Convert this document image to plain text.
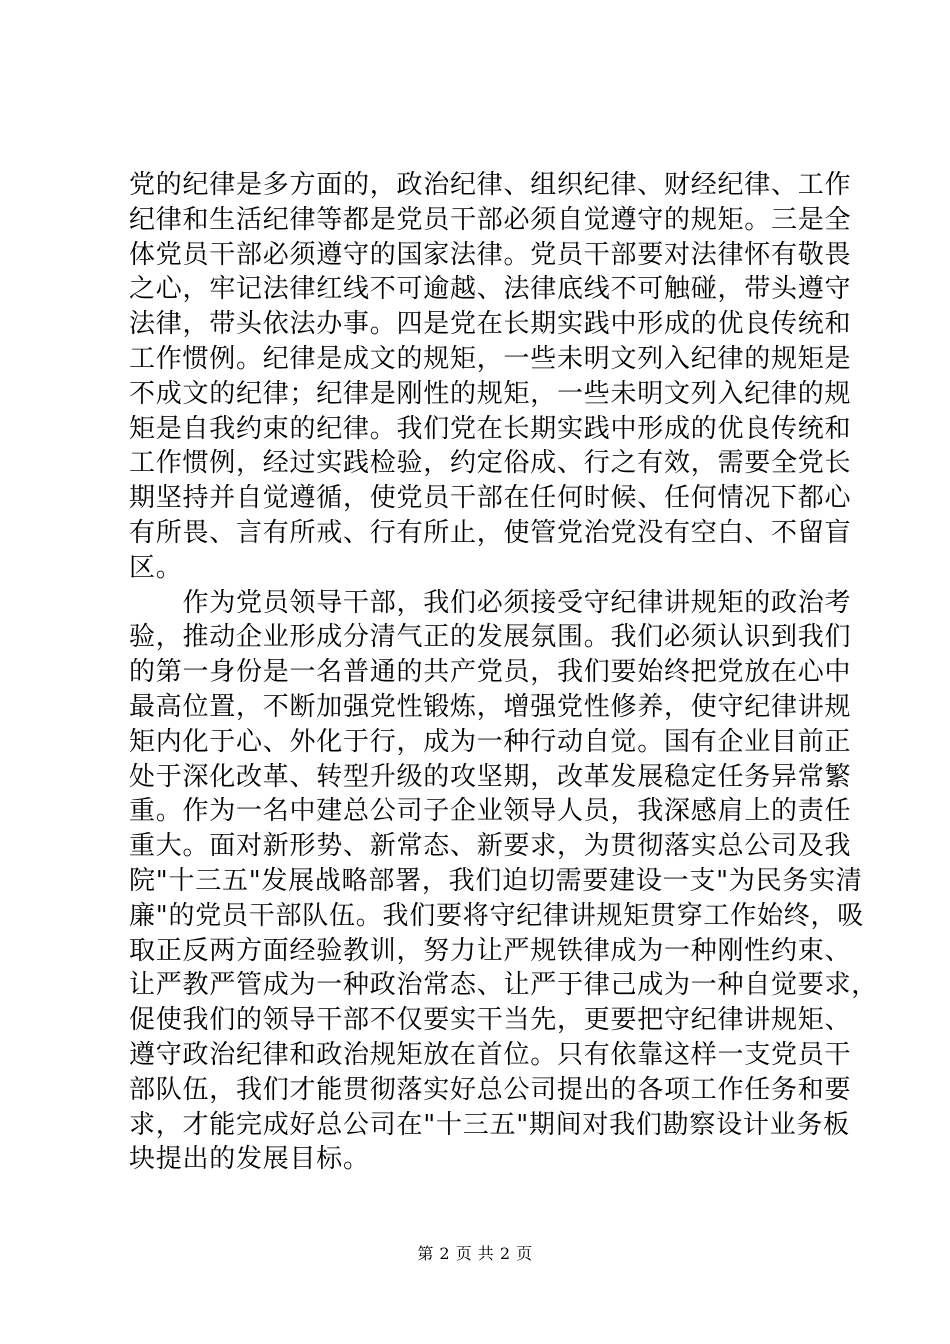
党的纪律是多方面的，政治纪律、组织纪律、财经纪律、工作
纪律和生活纪律等都是党员干部必须自觉遵守的规矩。三是全
体党员干部必须遵守的国家法律。党员干部要对法律怀有敬畏
之心，牢记法律红线不可逾越、法律底线不可触碰，带头遵守
法律，带头依法办事。四是党在长期实践中形成的优良传统和
工作惯例。纪律是成文的规矩，一些未明文列入纪律的规矩是
不成文的纪律；纪律是刚性的规矩，一些未明文列入纪律的规
矩是自我约束的纪律。我们党在长期实践中形成的优良传统和
工作惯例，经过实践检验，约定俗成、行之有效，需要全党长
期坚持并自觉遵循，使党员干部在任何时候、任何情况下都心
有所畏、言有所戒、行有所止，使管党治党没有空白、不留盲
区。
　　作为党员领导干部，我们必须接受守纪律讲规矩的政治考
验，推动企业形成分清气正的发展氛围。我们必须认识到我们
的第一身份是一名普通的共产党员，我们要始终把党放在心中
最高位置，不断加强党性锻炼，增强党性修养，使守纪律讲规
矩内化于心、外化于行，成为一种行动自觉。国有企业目前正
处于深化改革、转型升级的攻坚期，改革发展稳定任务异常繁
重。作为一名中建总公司子企业领导人员，我深感肩上的责任
重大。面对新形势、新常态、新要求，为贯彻落实总公司及我
院"十三五"发展战略部署，我们迫切需要建设一支"为民务实清
廉"的党员干部队伍。我们要将守纪律讲规矩贯穿工作始终，吸
取正反两方面经验教训，努力让严规铁律成为一种刚性约束、
让严教严管成为一种政治常态、让严于律己成为一种自觉要求，
促使我们的领导干部不仅要实干当先，更要把守纪律讲规矩、
遵守政治纪律和政治规矩放在首位。只有依靠这样一支党员干
部队伍，我们才能贯彻落实好总公司提出的各项工作任务和要
求，才能完成好总公司在"十三五"期间对我们勘察设计业务板
块提出的发展目标。
第 2 页 共 2 页
